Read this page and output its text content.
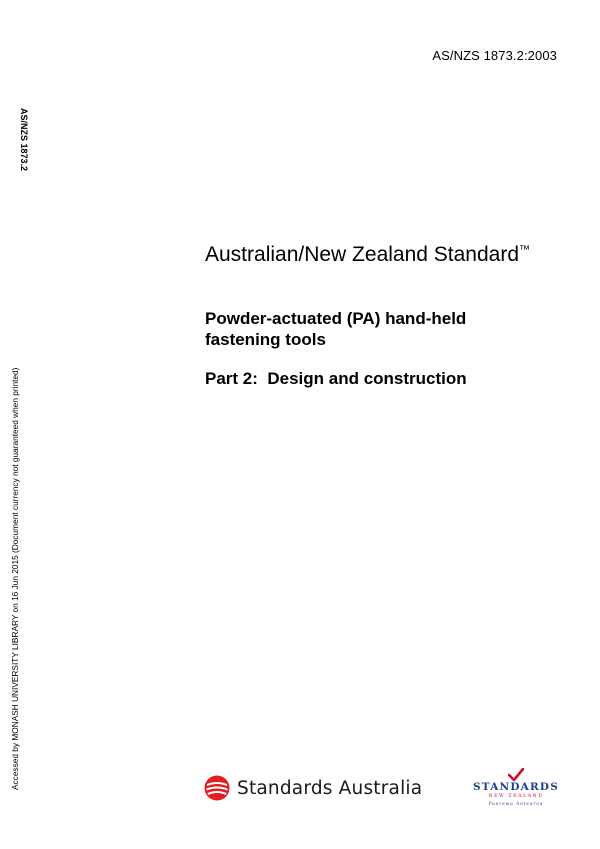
AS/NZS 1873.2:2003
AS/NZS 1873.2
Accessed by MONASH UNIVERSITY LIBRARY on 16 Jun 2015 (Document currency not guaranteed when printed)
Australian/New Zealand Standard™
Powder-actuated (PA) hand-held fastening tools
Part 2:  Design and construction
Standards Australia	STANDARDS
NEW ZEALAND
Paerewa Aotearoa
